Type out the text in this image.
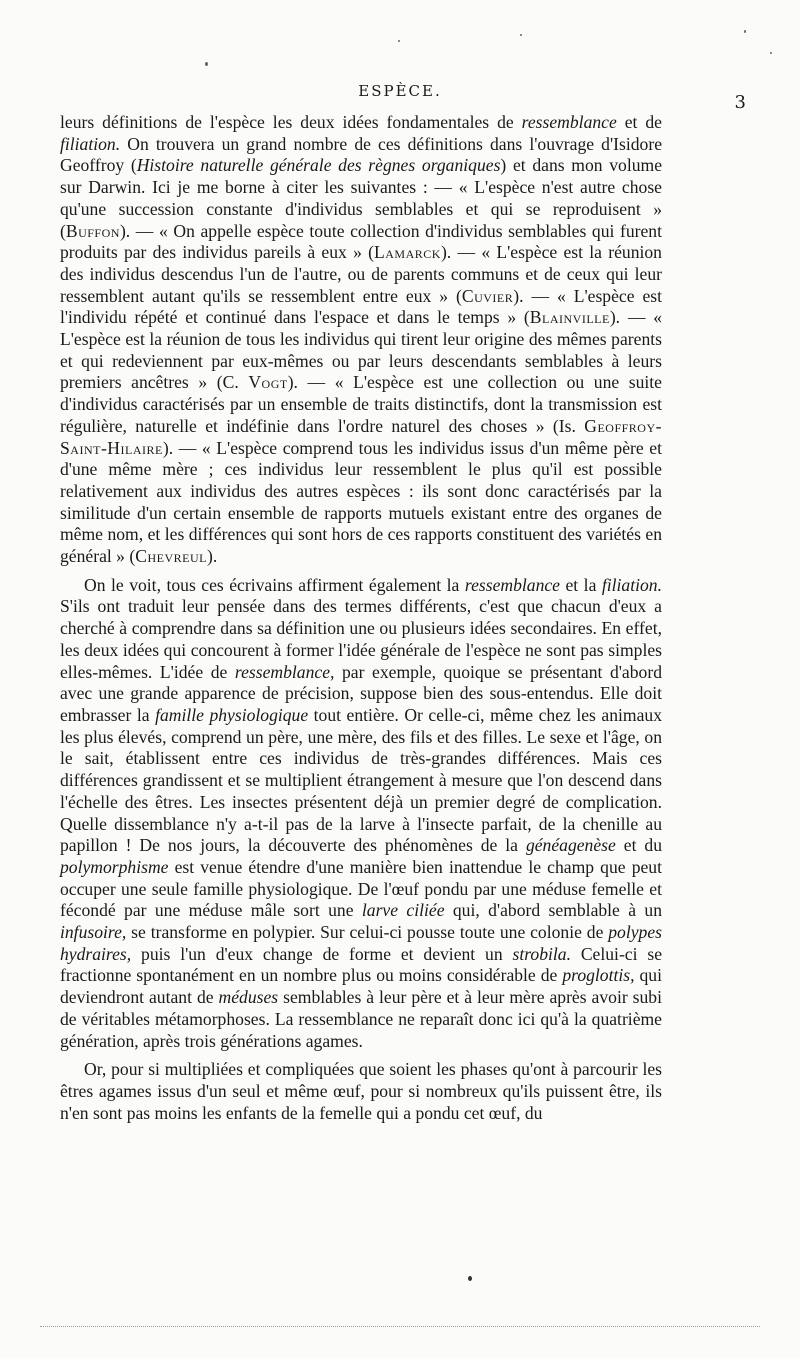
ESPÈCE.
3

leurs définitions de l'espèce les deux idées fondamentales de ressemblance et de filiation. On trouvera un grand nombre de ces définitions dans l'ouvrage d'Isidore Geoffroy (Histoire naturelle générale des règnes organiques) et dans mon volume sur Darwin. Ici je me borne à citer les suivantes : — « L'espèce n'est autre chose qu'une succession constante d'individus semblables et qui se reproduisent » (Buffon). — « On appelle espèce toute collection d'individus semblables qui furent produits par des individus pareils à eux » (Lamarck). — « L'espèce est la réunion des individus descendus l'un de l'autre, ou de parents communs et de ceux qui leur ressemblent autant qu'ils se ressemblent entre eux » (Cuvier). — « L'espèce est l'individu répété et continué dans l'espace et dans le temps » (Blainville). — « L'espèce est la réunion de tous les individus qui tirent leur origine des mêmes parents et qui redeviennent par eux-mêmes ou par leurs descendants semblables à leurs premiers ancêtres » (C. Vogt). — « L'espèce est une collection ou une suite d'individus caractérisés par un ensemble de traits distinctifs, dont la transmission est régulière, naturelle et indéfinie dans l'ordre naturel des choses » (Is. Geoffroy-Saint-Hilaire). — « L'espèce comprend tous les individus issus d'un même père et d'une même mère ; ces individus leur ressemblent le plus qu'il est possible relativement aux individus des autres espèces : ils sont donc caractérisés par la similitude d'un certain ensemble de rapports mutuels existant entre des organes de même nom, et les différences qui sont hors de ces rapports constituent des variétés en général » (Chevreul).

On le voit, tous ces écrivains affirment également la ressemblance et la filiation. S'ils ont traduit leur pensée dans des termes différents, c'est que chacun d'eux a cherché à comprendre dans sa définition une ou plusieurs idées secondaires. En effet, les deux idées qui concourent à former l'idée générale de l'espèce ne sont pas simples elles-mêmes. L'idée de ressemblance, par exemple, quoique se présentant d'abord avec une grande apparence de précision, suppose bien des sous-entendus. Elle doit embrasser la famille physiologique tout entière. Or celle-ci, même chez les animaux les plus élevés, comprend un père, une mère, des fils et des filles. Le sexe et l'âge, on le sait, établissent entre ces individus de très-grandes différences. Mais ces différences grandissent et se multiplient étrangement à mesure que l'on descend dans l'échelle des êtres. Les insectes présentent déjà un premier degré de complication. Quelle dissemblance n'y a-t-il pas de la larve à l'insecte parfait, de la chenille au papillon ! De nos jours, la découverte des phénomènes de la généagenèse et du polymorphisme est venue étendre d'une manière bien inattendue le champ que peut occuper une seule famille physiologique. De l'œuf pondu par une méduse femelle et fécondé par une méduse mâle sort une larve ciliée qui, d'abord semblable à un infusoire, se transforme en polypier. Sur celui-ci pousse toute une colonie de polypes hydraires, puis l'un d'eux change de forme et devient un strobila. Celui-ci se fractionne spontanément en un nombre plus ou moins considérable de proglottis, qui deviendront autant de méduses semblables à leur père et à leur mère après avoir subi de véritables métamorphoses. La ressemblance ne reparaît donc ici qu'à la quatrième génération, après trois générations agames.

Or, pour si multipliées et compliquées que soient les phases qu'ont à parcourir les êtres agames issus d'un seul et même œuf, pour si nombreux qu'ils puissent être, ils n'en sont pas moins les enfants de la femelle qui a pondu cet œuf, du
